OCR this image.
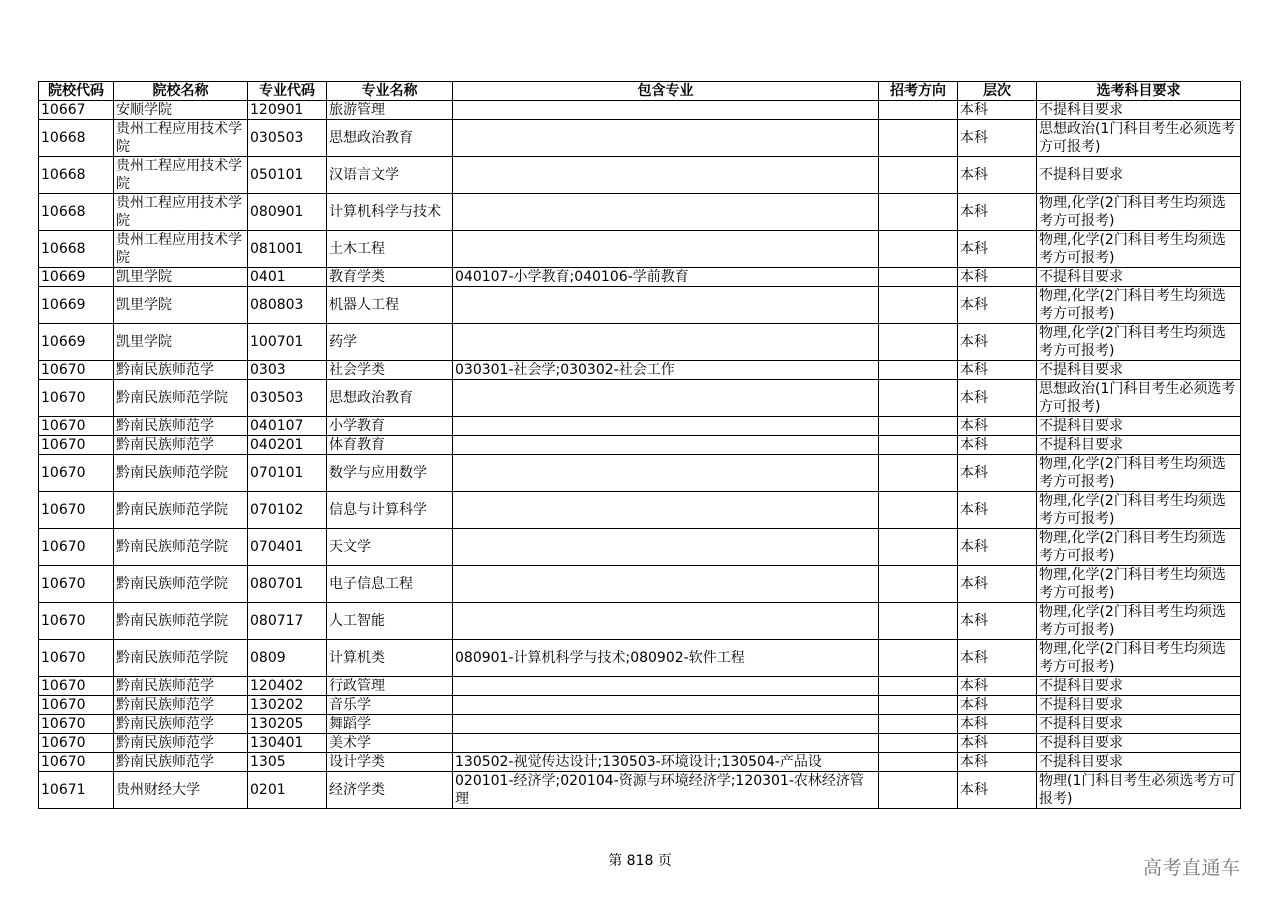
院校代码	院校名称	专业代码	专业名称	包含专业	招考方向	层次	选考科目要求
10667	安顺学院	120901	旅游管理			本科	不提科目要求
10668	贵州工程应用技术学院	030503	思想政治教育			本科	思想政治(1门科目考生必须选考方可报考)
10668	贵州工程应用技术学院	050101	汉语言文学			本科	不提科目要求
10668	贵州工程应用技术学院	080901	计算机科学与技术			本科	物理,化学(2门科目考生均须选考方可报考)
10668	贵州工程应用技术学院	081001	土木工程			本科	物理,化学(2门科目考生均须选考方可报考)
10669	凯里学院	0401	教育学类	040107-小学教育;040106-学前教育		本科	不提科目要求
10669	凯里学院	080803	机器人工程			本科	物理,化学(2门科目考生均须选考方可报考)
10669	凯里学院	100701	药学			本科	物理,化学(2门科目考生均须选考方可报考)
10670	黔南民族师范学	0303	社会学类	030301-社会学;030302-社会工作		本科	不提科目要求
10670	黔南民族师范学院	030503	思想政治教育			本科	思想政治(1门科目考生必须选考方可报考)
10670	黔南民族师范学	040107	小学教育			本科	不提科目要求
10670	黔南民族师范学	040201	体育教育			本科	不提科目要求
10670	黔南民族师范学院	070101	数学与应用数学			本科	物理,化学(2门科目考生均须选考方可报考)
10670	黔南民族师范学院	070102	信息与计算科学			本科	物理,化学(2门科目考生均须选考方可报考)
10670	黔南民族师范学院	070401	天文学			本科	物理,化学(2门科目考生均须选考方可报考)
10670	黔南民族师范学院	080701	电子信息工程			本科	物理,化学(2门科目考生均须选考方可报考)
10670	黔南民族师范学院	080717	人工智能			本科	物理,化学(2门科目考生均须选考方可报考)
10670	黔南民族师范学院	0809	计算机类	080901-计算机科学与技术;080902-软件工程		本科	物理,化学(2门科目考生均须选考方可报考)
10670	黔南民族师范学	120402	行政管理			本科	不提科目要求
10670	黔南民族师范学	130202	音乐学			本科	不提科目要求
10670	黔南民族师范学	130205	舞蹈学			本科	不提科目要求
10670	黔南民族师范学	130401	美术学			本科	不提科目要求
10670	黔南民族师范学	1305	设计学类	130502-视觉传达设计;130503-环境设计;130504-产品设		本科	不提科目要求
10671	贵州财经大学	0201	经济学类	020101-经济学;020104-资源与环境经济学;120301-农林经济管理		本科	物理(1门科目考生必须选考方可报考)
第 818 页	高考直通车
